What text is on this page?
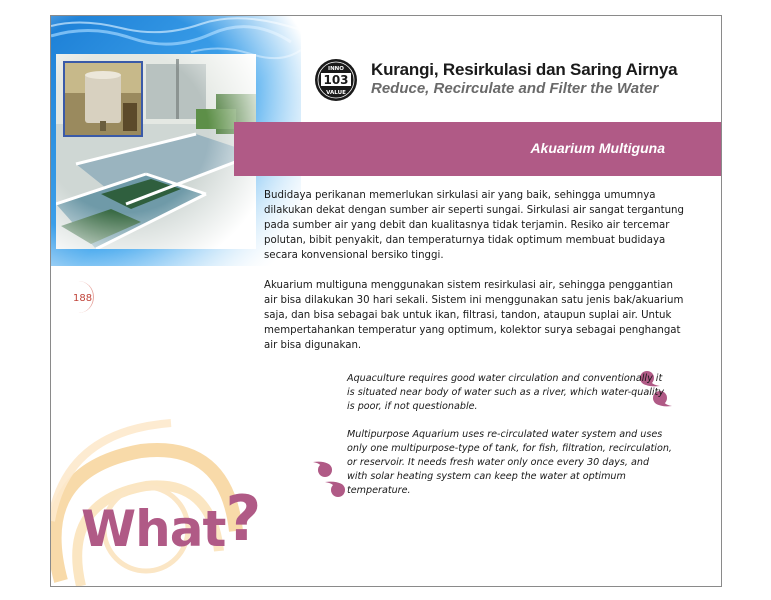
INNO
103
VALUE
Kurangi, Resirkulasi dan Saring Airnya
Reduce, Recirculate and Filter the Water
Akuarium Multiguna

Budidaya perikanan memerlukan sirkulasi air yang baik, sehingga umumnya dilakukan dekat dengan sumber air seperti sungai. Sirkulasi air sangat tergantung pada sumber air yang debit dan kualitasnya tidak terjamin. Resiko air tercemar polutan, bibit penyakit, dan temperaturnya tidak optimum membuat budidaya secara konvensional bersiko tinggi.

Akuarium multiguna menggunakan sistem resirkulasi air, sehingga penggantian air bisa dilakukan 30 hari sekali. Sistem ini menggunakan satu jenis bak/akuarium saja, dan bisa sebagai bak untuk ikan, filtrasi, tandon, ataupun suplai air. Untuk mempertahankan temperatur yang optimum, kolektor surya sebagai penghangat air bisa digunakan.

188

Aquaculture requires good water circulation and conventionally it is situated near body of water such as a river, which water-quality is poor, if not questionable.

Multipurpose Aquarium uses re-circulated water system and uses only one multipurpose-type of tank, for fish, filtration, recirculation, or reservoir. It needs fresh water only once every 30 days, and with solar heating system can keep the water at optimum temperature.

What?
